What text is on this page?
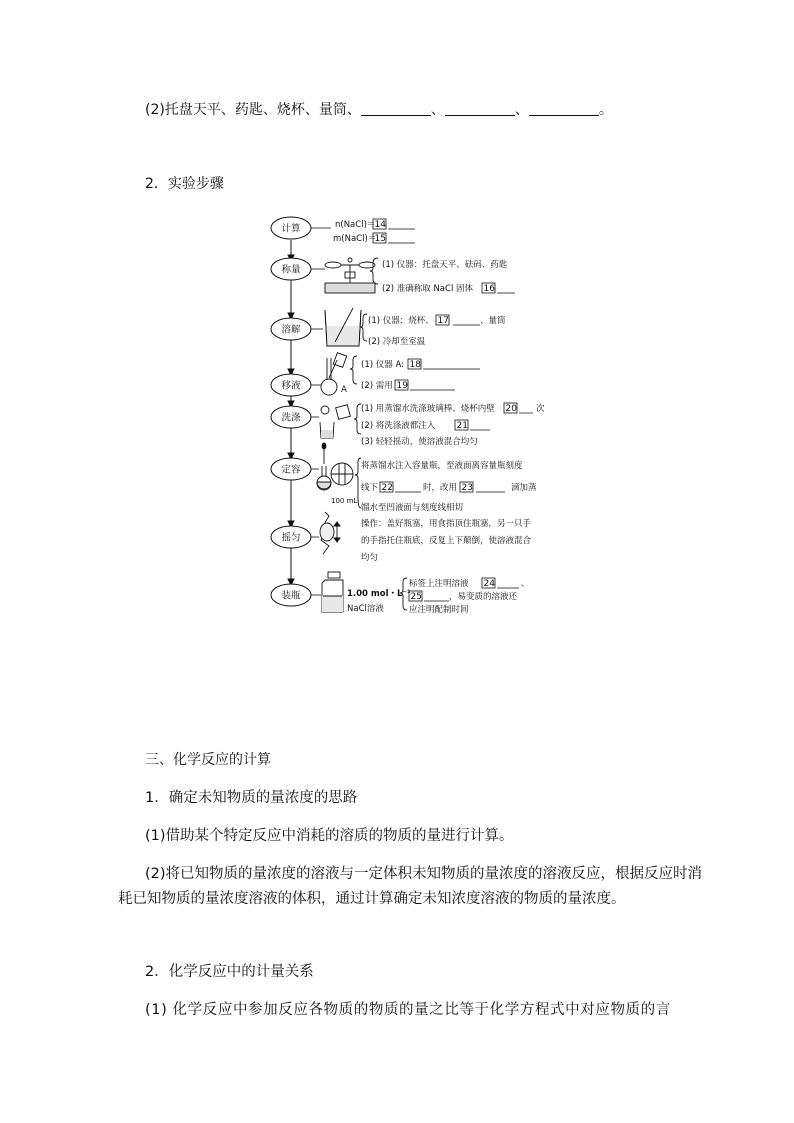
(2)托盘天平、药匙、烧杯、量筒、	、	、	。
2．实验步骤
计算
称量
溶解
移液
洗涤
定容
摇匀
装瓶
n(NaCl)＝ 14
m(NaCl)＝
15
(1) 仪器：托盘天平、砝码、药匙
(2) 准确称取 NaCl 固体 16
(1) 仪器：烧杯、 17	、量筒
(2) 冷却至室温
A
(1) 仪器 A: 18
(2) 需用 19
(1) 用蒸馏水洗涤玻璃棒、烧杯内壁 20 次
(2) 将洗涤液都注入 21
(3) 轻轻摇动，使溶液混合均匀
100 mL
将蒸馏水注入容量瓶，至液面离容量瓶刻度
线下 22	时，改用 23	滴加蒸
馏水至凹液面与刻度线相切
操作：盖好瓶塞，用食指顶住瓶塞，另一只手
的手指托住瓶底，反复上下颠倒，使溶液混合
均匀
1.00 mol・L⁻¹
NaCl溶液
标签上注明溶液 24	、
25	，易变质的溶液还
应注明配制时间
三、化学反应的计算
1．确定未知物质的量浓度的思路
(1)借助某个特定反应中消耗的溶质的物质的量进行计算。
(2)将已知物质的量浓度的溶液与一定体积未知物质的量浓度的溶液反应，根据反应时消
耗已知物质的量浓度溶液的体积，通过计算确定未知浓度溶液的物质的量浓度。
2．化学反应中的计量关系
(1) 化学反应中参加反应各物质的物质的量之比等于化学方程式中对应物质的⾔
